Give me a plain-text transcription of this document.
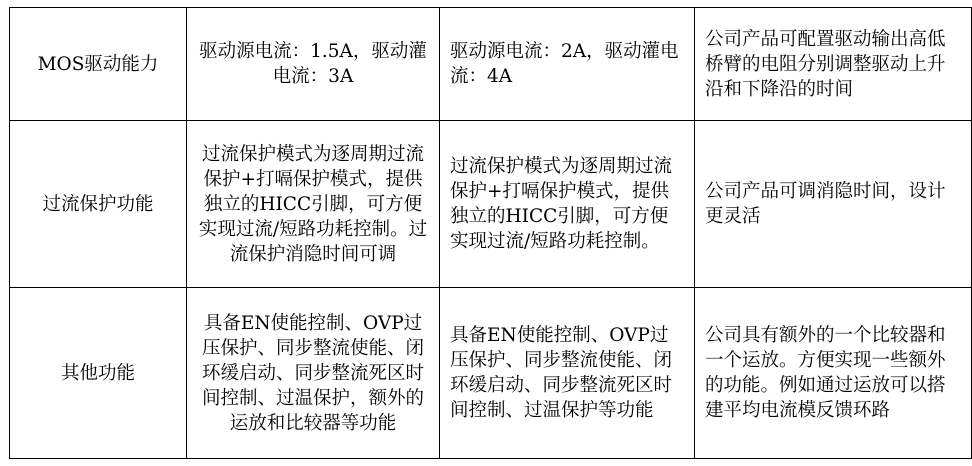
MOS驱动能力	驱动源电流：1.5A，驱动灌电流：3A	驱动源电流：2A，驱动灌电流：4A	公司产品可配置驱动输出高低桥臂的电阻分别调整驱动上升沿和下降沿的时间
过流保护功能	过流保护模式为逐周期过流保护+打嗝保护模式，提供独立的HICC引脚，可方便实现过流/短路功耗控制。过流保护消隐时间可调	过流保护模式为逐周期过流保护+打嗝保护模式，提供独立的HICC引脚，可方便实现过流/短路功耗控制。	公司产品可调消隐时间，设计更灵活
其他功能	具备EN使能控制、OVP过压保护、同步整流使能、闭环缓启动、同步整流死区时间控制、过温保护，额外的运放和比较器等功能	具备EN使能控制、OVP过压保护、同步整流使能、闭环缓启动、同步整流死区时间控制、过温保护等功能	公司具有额外的一个比较器和一个运放。方便实现一些额外的功能。例如通过运放可以搭建平均电流模反馈环路
